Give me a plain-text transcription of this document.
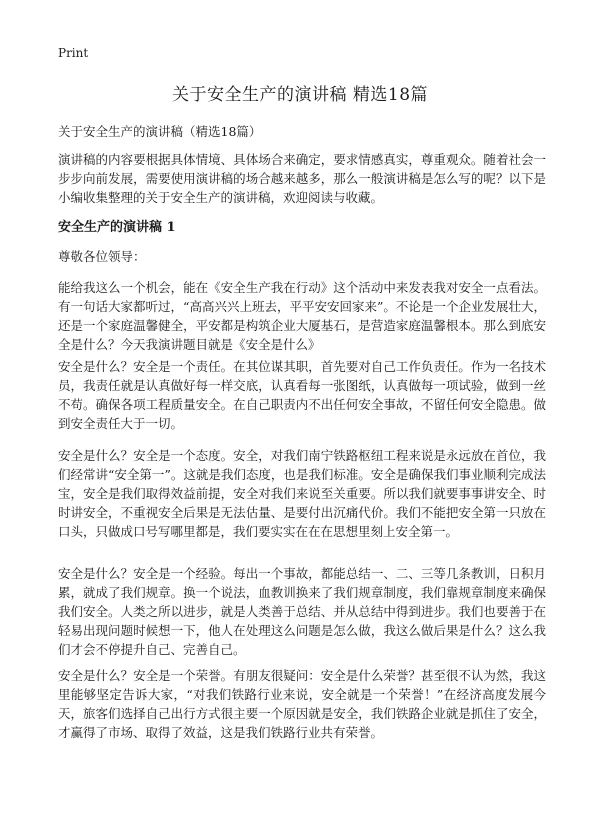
Print
关于安全生产的演讲稿 精选18篇

关于安全生产的演讲稿（精选18篇）

演讲稿的内容要根据具体情境、具体场合来确定，要求情感真实，尊重观众。随着社会一步步向前发展，需要使用演讲稿的场合越来越多，那么一般演讲稿是怎么写的呢？以下是小编收集整理的关于安全生产的演讲稿，欢迎阅读与收藏。

安全生产的演讲稿 1

尊敬各位领导：

能给我这么一个机会，能在《安全生产我在行动》这个活动中来发表我对安全一点看法。有一句话大家都听过，“高高兴兴上班去，平平安安回家来”。不论是一个企业发展壮大，还是一个家庭温馨健全，平安都是构筑企业大厦基石，是营造家庭温馨根本。那么到底安全是什么？今天我演讲题目就是《安全是什么》

安全是什么？安全是一个责任。在其位谋其职，首先要对自己工作负责任。作为一名技术员，我责任就是认真做好每一样交底，认真看每一张图纸，认真做每一项试验，做到一丝不苟。确保各项工程质量安全。在自己职责内不出任何安全事故，不留任何安全隐患。做到安全责任大于一切。

安全是什么？安全是一个态度。安全，对我们南宁铁路枢纽工程来说是永远放在首位，我们经常讲“安全第一”。这就是我们态度，也是我们标准。安全是确保我们事业顺利完成法宝，安全是我们取得效益前提，安全对我们来说至关重要。所以我们就要事事讲安全、时时讲安全，不重视安全后果是无法估量、是要付出沉痛代价。我们不能把安全第一只放在口头，只做成口号写哪里都是，我们要实实在在在思想里刻上安全第一。

安全是什么？安全是一个经验。每出一个事故，都能总结一、二、三等几条教训，日积月累，就成了我们规章。换一个说法，血教训换来了我们规章制度，我们靠规章制度来确保我们安全。人类之所以进步，就是人类善于总结、并从总结中得到进步。我们也要善于在轻易出现问题时候想一下，他人在处理这么问题是怎么做，我这么做后果是什么？这么我们才会不停提升自己、完善自己。

安全是什么？安全是一个荣誉。有朋友很疑问：安全是什么荣誉？甚至很不认为然，我这里能够坚定告诉大家，“对我们铁路行业来说，安全就是一个荣誉！”在经济高度发展今天，旅客们选择自己出行方式很主要一个原因就是安全，我们铁路企业就是抓住了安全，才赢得了市场、取得了效益，这是我们铁路行业共有荣誉。
